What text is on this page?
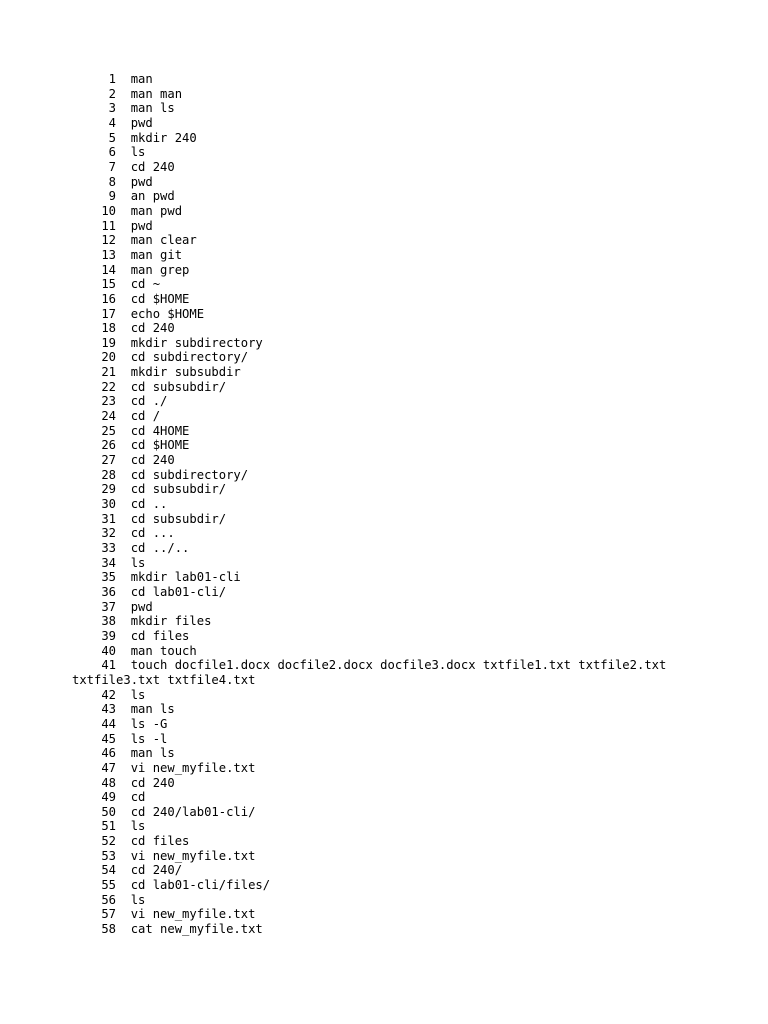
1  man
2  man man
3  man ls
4  pwd
5  mkdir 240
6  ls
7  cd 240
8  pwd
9  an pwd
10  man pwd
11  pwd
12  man clear
13  man git
14  man grep
15  cd ~
16  cd $HOME
17  echo $HOME
18  cd 240
19  mkdir subdirectory
20  cd subdirectory/
21  mkdir subsubdir
22  cd subsubdir/
23  cd ./
24  cd /
25  cd 4HOME
26  cd $HOME
27  cd 240
28  cd subdirectory/
29  cd subsubdir/
30  cd ..
31  cd subsubdir/
32  cd ...
33  cd ../..
34  ls
35  mkdir lab01-cli
36  cd lab01-cli/
37  pwd
38  mkdir files
39  cd files
40  man touch
41  touch docfile1.docx docfile2.docx docfile3.docx txtfile1.txt txtfile2.txt
txtfile3.txt txtfile4.txt
42  ls
43  man ls
44  ls -G
45  ls -l
46  man ls
47  vi new_myfile.txt
48  cd 240
49  cd
50  cd 240/lab01-cli/
51  ls
52  cd files
53  vi new_myfile.txt
54  cd 240/
55  cd lab01-cli/files/
56  ls
57  vi new_myfile.txt
58  cat new_myfile.txt
